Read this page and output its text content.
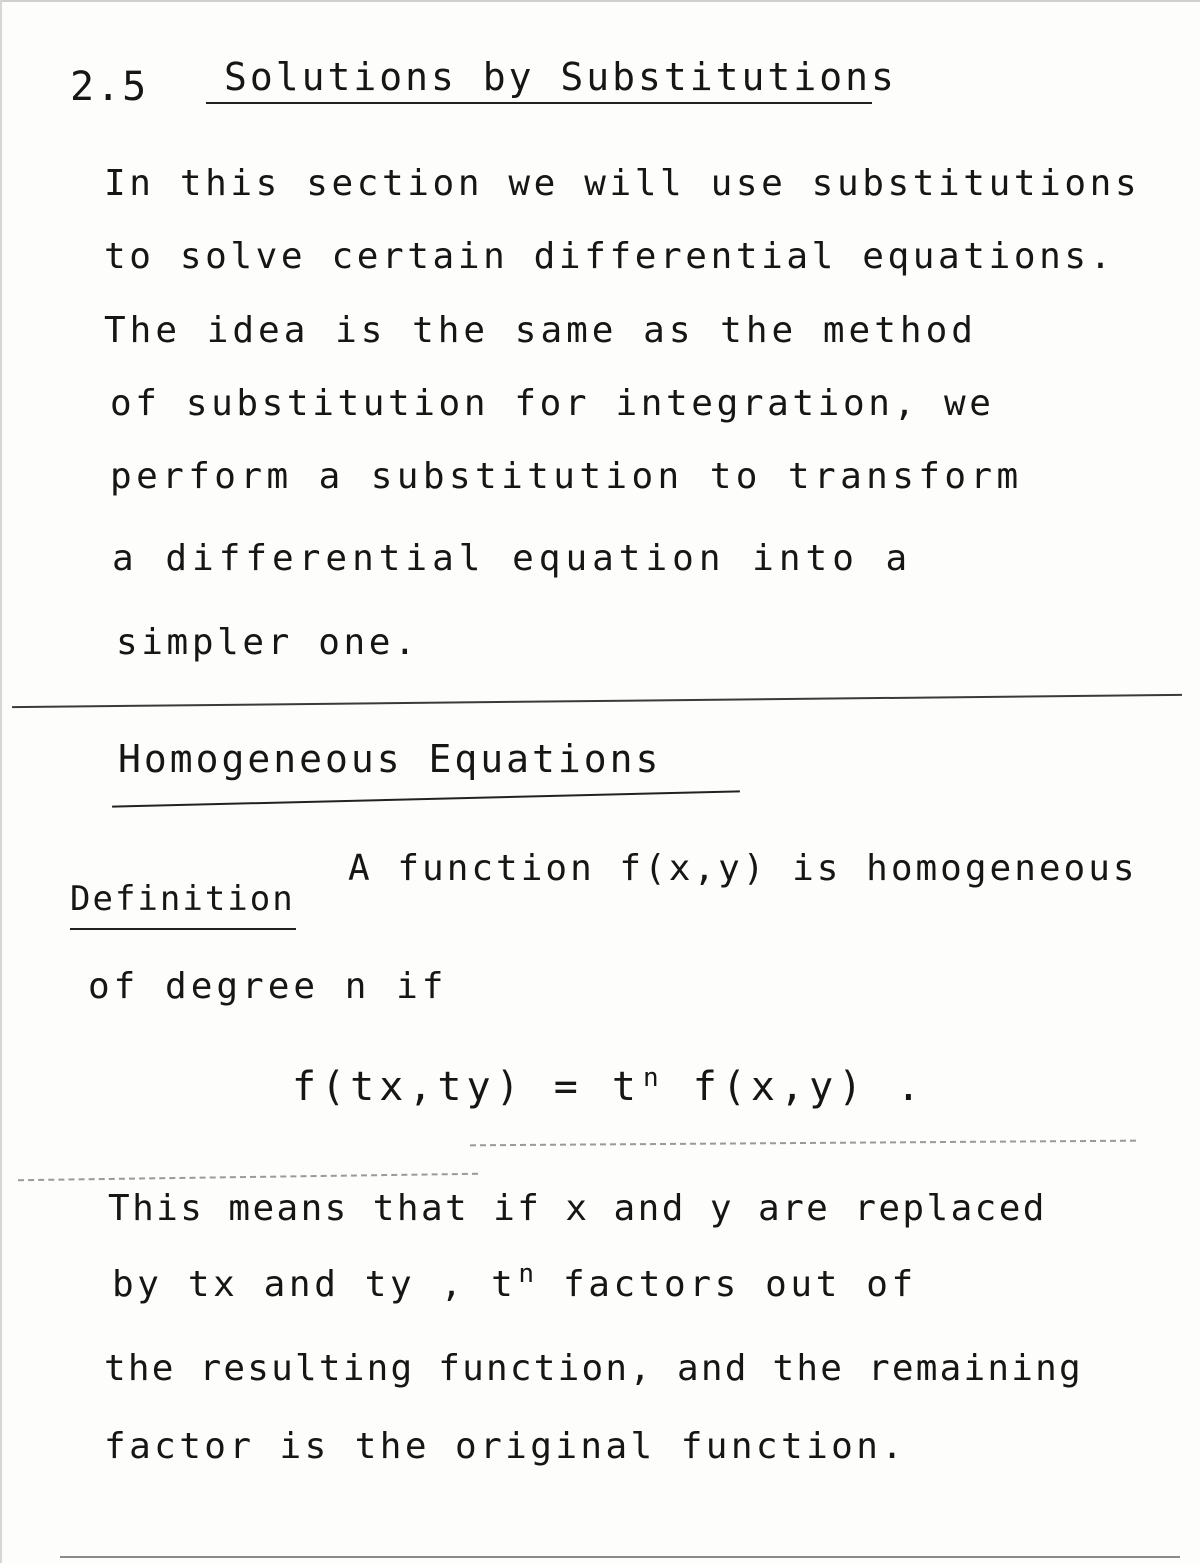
2.5 Solutions by Substitutions
In this section we will use substitutions
to solve certain differential equations.
The idea is the same as the method
of substitution for integration, we
perform a substitution to transform
a differential equation into a
simpler one.
Homogeneous Equations
Definition
A function f(x,y) is homogeneous
of degree n if
$f(tx,ty) = t^n$ f(x,y) .
This means that if x and y are replaced
by tx and ty , $t^n$ factors out of
the resulting function, and the remaining
factor is the original function.
